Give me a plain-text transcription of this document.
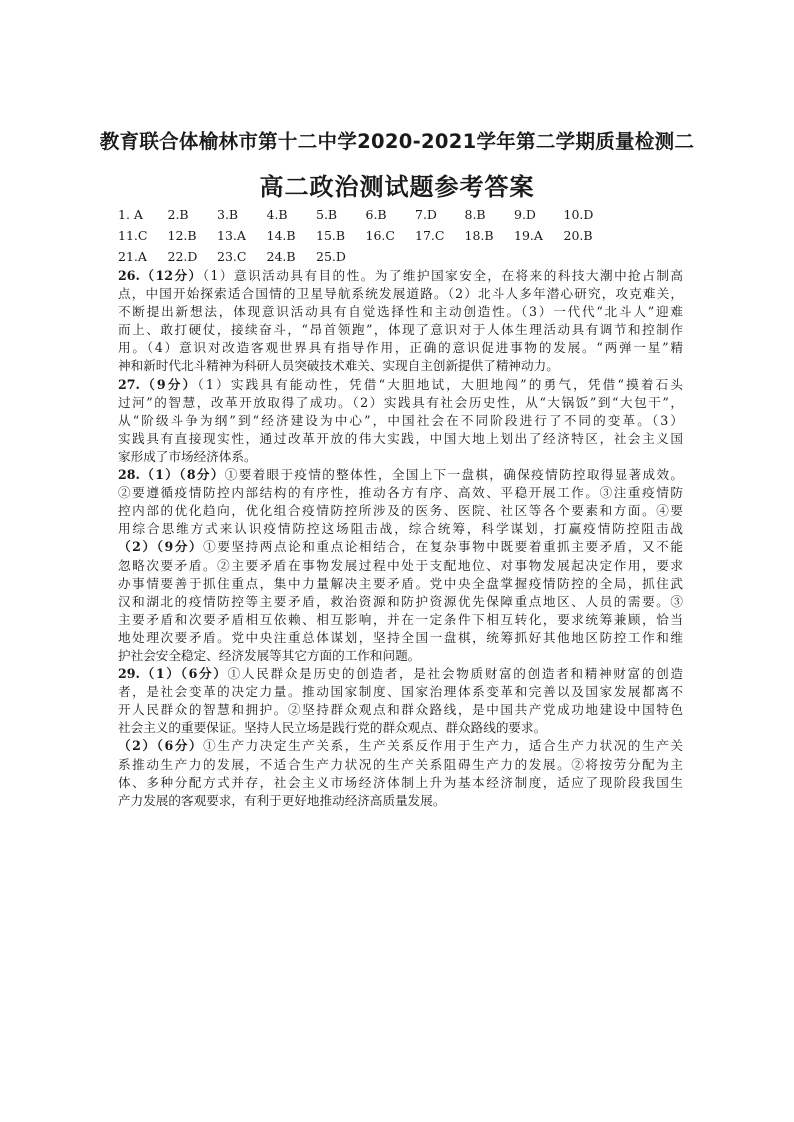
教育联合体榆林市第十二中学2020-2021学年第二学期质量检测二
高二政治测试题参考答案
1. A	2.B	3.B	4.B	5.B	6.B	7.D	8.B	9.D	10.D
11.C	12.B	13.A	14.B	15.B	16.C	17.C	18.B	19.A	20.B
21.A	22.D	23.C	24.B	25.D
26.（12分）（1）意识活动具有目的性。为了维护国家安全，在将来的科技大潮中抢占制高
点，中国开始探索适合国情的卫星导航系统发展道路。（2）北斗人多年潜心研究，攻克难关，
不断提出新想法，体现意识活动具有自觉选择性和主动创造性。（3）一代代“北斗人”迎难
而上、敢打硬仗，接续奋斗，“昂首领跑”，体现了意识对于人体生理活动具有调节和控制作
用。（4）意识对改造客观世界具有指导作用，正确的意识促进事物的发展。“两弹一星”精
神和新时代北斗精神为科研人员突破技术难关、实现自主创新提供了精神动力。
27.（9分）（1）实践具有能动性，凭借“大胆地试，大胆地闯”的勇气，凭借“摸着石头
过河”的智慧，改革开放取得了成功。（2）实践具有社会历史性，从“大锅饭”到“大包干”，
从“阶级斗争为纲”到“经济建设为中心”，中国社会在不同阶段进行了不同的变革。（3）
实践具有直接现实性，通过改革开放的伟大实践，中国大地上划出了经济特区，社会主义国
家形成了市场经济体系。
28.（1）（8分）①要着眼于疫情的整体性，全国上下一盘棋，确保疫情防控取得显著成效。
②要遵循疫情防控内部结构的有序性，推动各方有序、高效、平稳开展工作。③注重疫情防
控内部的优化趋向，优化组合疫情防控所涉及的医务、医院、社区等各个要素和方面。④要
用综合思维方式来认识疫情防控这场阻击战，综合统筹，科学谋划，打赢疫情防控阻击战
（2）（9分）①要坚持两点论和重点论相结合，在复杂事物中既要着重抓主要矛盾，又不能
忽略次要矛盾。②主要矛盾在事物发展过程中处于支配地位、对事物发展起决定作用，要求
办事情要善于抓住重点，集中力量解决主要矛盾。党中央全盘掌握疫情防控的全局，抓住武
汉和湖北的疫情防控等主要矛盾，救治资源和防护资源优先保障重点地区、人员的需要。③
主要矛盾和次要矛盾相互依赖、相互影响，并在一定条件下相互转化，要求统筹兼顾，恰当
地处理次要矛盾。党中央注重总体谋划，坚持全国一盘棋，统筹抓好其他地区防控工作和维
护社会安全稳定、经济发展等其它方面的工作和问题。
29.（1）（6分）①人民群众是历史的创造者，是社会物质财富的创造者和精神财富的创造
者，是社会变革的决定力量。推动国家制度、国家治理体系变革和完善以及国家发展都离不
开人民群众的智慧和拥护。②坚持群众观点和群众路线，是中国共产党成功地建设中国特色
社会主义的重要保证。坚持人民立场是践行党的群众观点、群众路线的要求。
（2）（6分）①生产力决定生产关系，生产关系反作用于生产力，适合生产力状况的生产关
系推动生产力的发展，不适合生产力状况的生产关系阻碍生产力的发展。②将按劳分配为主
体、多种分配方式并存，社会主义市场经济体制上升为基本经济制度，适应了现阶段我国生
产力发展的客观要求，有利于更好地推动经济高质量发展。
